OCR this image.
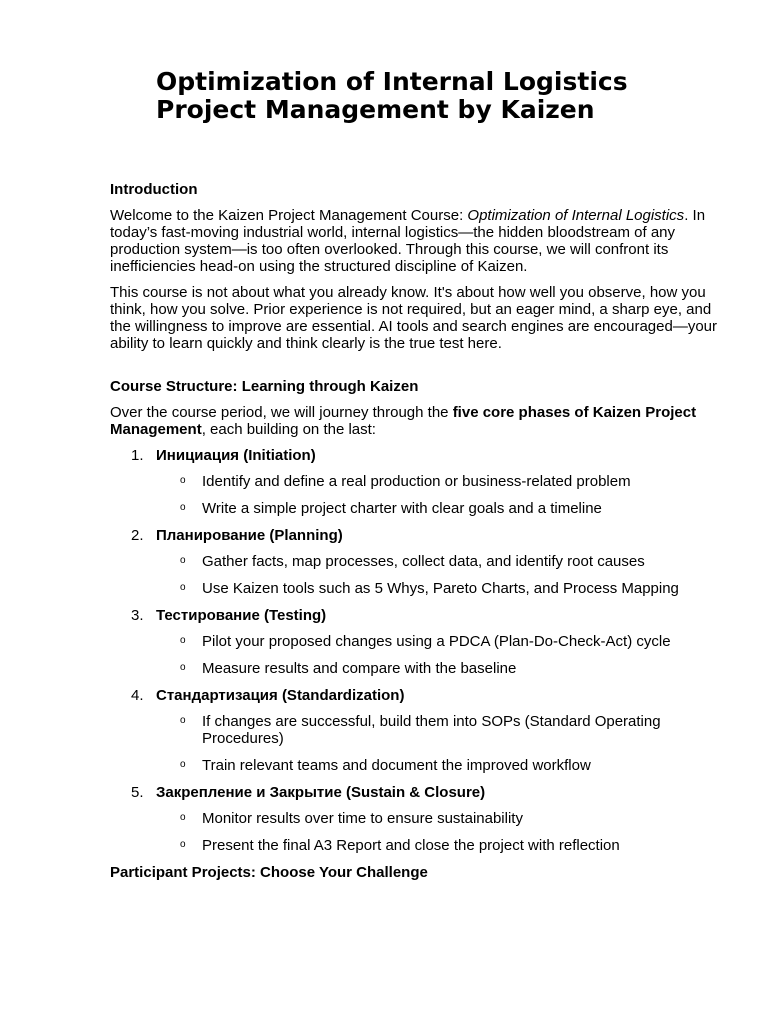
Optimization of Internal Logistics
Project Management by Kaizen
Introduction

Welcome to the Kaizen Project Management Course: Optimization of Internal Logistics. In today’s fast-moving industrial world, internal logistics—the hidden bloodstream of any production system—is too often overlooked. Through this course, we will confront its inefficiencies head-on using the structured discipline of Kaizen.

This course is not about what you already know. It's about how well you observe, how you think, how you solve. Prior experience is not required, but an eager mind, a sharp eye, and the willingness to improve are essential. AI tools and search engines are encouraged—your ability to learn quickly and think clearly is the true test here.

Course Structure: Learning through Kaizen

Over the course period, we will journey through the five core phases of Kaizen Project Management, each building on the last:

1. Инициация (Initiation)
o Identify and define a real production or business-related problem
o Write a simple project charter with clear goals and a timeline
2. Планирование (Planning)
o Gather facts, map processes, collect data, and identify root causes
o Use Kaizen tools such as 5 Whys, Pareto Charts, and Process Mapping
3. Тестирование (Testing)
o Pilot your proposed changes using a PDCA (Plan-Do-Check-Act) cycle
o Measure results and compare with the baseline
4. Стандартизация (Standardization)
o If changes are successful, build them into SOPs (Standard Operating Procedures)
o Train relevant teams and document the improved workflow
5. Закрепление и Закрытие (Sustain & Closure)
o Monitor results over time to ensure sustainability
o Present the final A3 Report and close the project with reflection
Participant Projects: Choose Your Challenge
